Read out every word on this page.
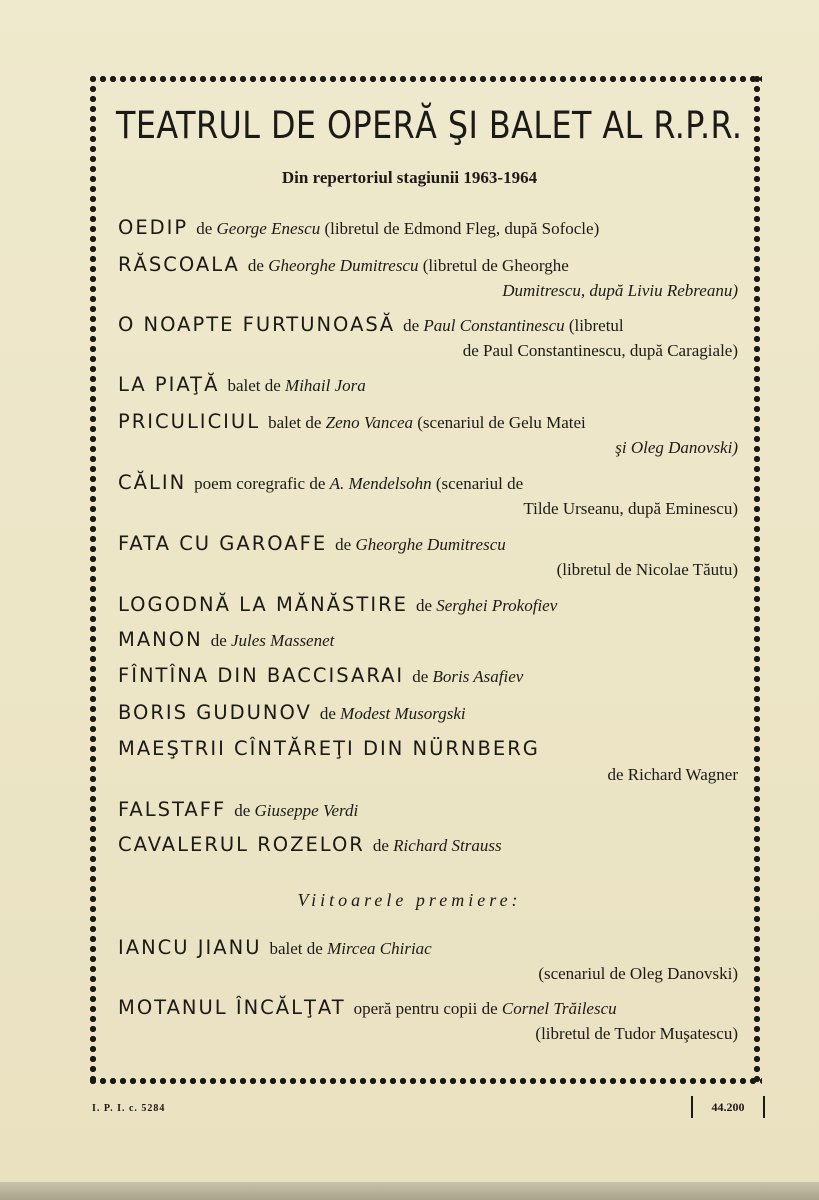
TEATRUL DE OPERĂ ŞI BALET AL R.P.R.
Din repertoriul stagiunii 1963-1964
OEDIP de George Enescu (libretul de Edmond Fleg, după Sofocle)
RĂSCOALA de Gheorghe Dumitrescu (libretul de Gheorghe
Dumitrescu, după Liviu Rebreanu)
O NOAPTE FURTUNOASĂ de Paul Constantinescu (libretul
de Paul Constantinescu, după Caragiale)
LA PIAŢĂ balet de Mihail Jora
PRICULICIUL balet de Zeno Vancea (scenariul de Gelu Matei
şi Oleg Danovski)
CĂLIN poem coregrafic de A. Mendelsohn (scenariul de
Tilde Urseanu, după Eminescu)
FATA CU GAROAFE de Gheorghe Dumitrescu
(libretul de Nicolae Tăutu)
LOGODNĂ LA MĂNĂSTIRE de Serghei Prokofiev
MANON de Jules Massenet
FÎNTÎNA DIN BACCISARAI de Boris Asafiev
BORIS GUDUNOV de Modest Musorgski
MAEŞTRII CÎNTĂREŢI DIN NÜRNBERG
de Richard Wagner
FALSTAFF de Giuseppe Verdi
CAVALERUL ROZELOR de Richard Strauss
Viitoarele premiere:
IANCU JIANU balet de Mircea Chiriac
(scenariul de Oleg Danovski)
MOTANUL ÎNCĂLŢAT operă pentru copii de Cornel Trăilescu
(libretul de Tudor Muşatescu)
I. P. I. c. 5284	44.200
